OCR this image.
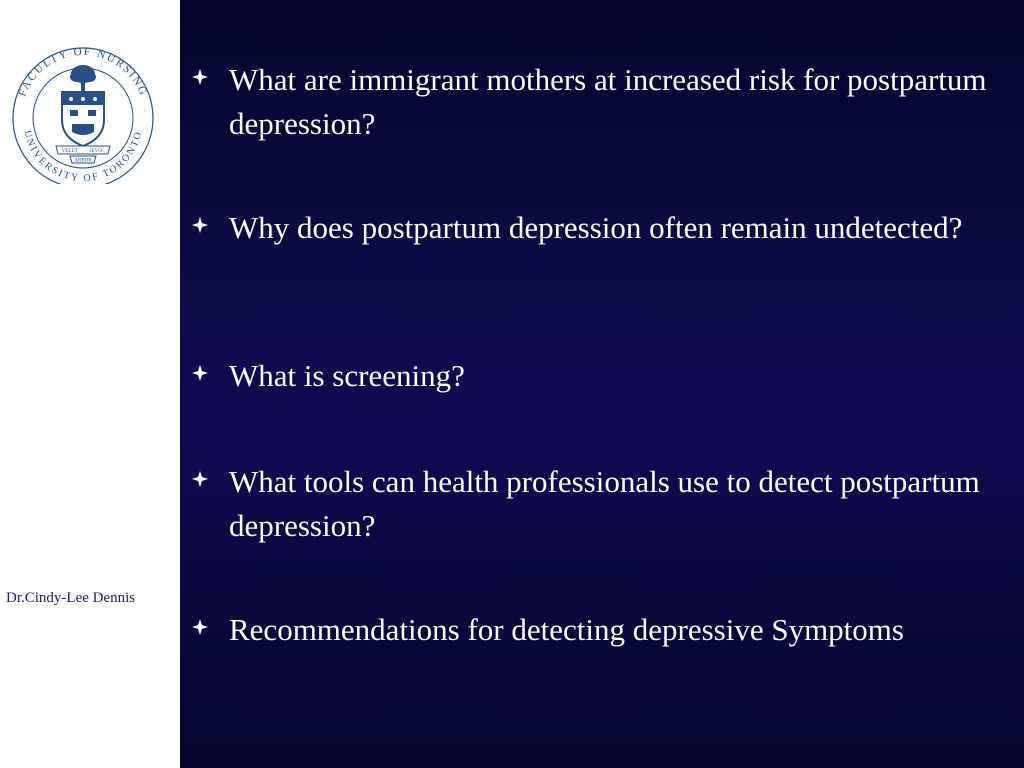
FACULTY OF NURSING
UNIVERSITY OF TORONTO
VELUT IEVO
ARBOR
Dr.Cindy-Lee Dennis
What are immigrant mothers at increased risk for postpartum depression?
Why does postpartum depression often remain undetected?
What is screening?
What tools can health professionals use to detect postpartum depression?
Recommendations for detecting depressive Symptoms
